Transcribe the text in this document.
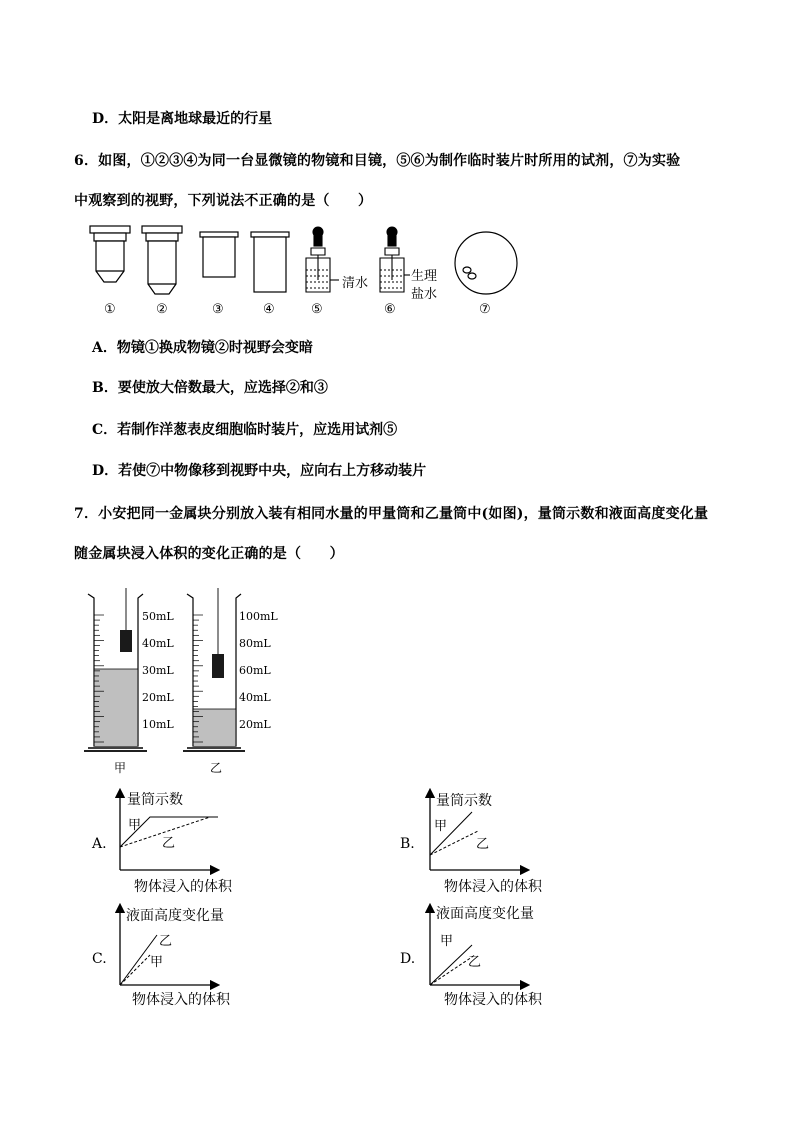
D．太阳是离地球最近的行星
6．如图，①②③④为同一台显微镜的物镜和目镜，⑤⑥为制作临时装片时所用的试剂，⑦为实验
中观察到的视野，下列说法不正确的是（　　）
清水	生理
盐水
①	②	③	④	⑤	⑥	⑦
A．物镜①换成物镜②时视野会变暗
B．要使放大倍数最大，应选择②和③
C．若制作洋葱表皮细胞临时装片，应选用试剂⑤
D．若使⑦中物像移到视野中央，应向右上方移动装片
7．小安把同一金属块分别放入装有相同水量的甲量筒和乙量筒中(如图)，量筒示数和液面高度变化量
随金属块浸入体积的变化正确的是（　　）
50mL
40mL
30mL
20mL
10mL
100mL
80mL
60mL
40mL
20mL
甲	乙
A.
量筒示数
甲
乙
物体浸入的体积
B.
量筒示数
甲
乙
物体浸入的体积
C.
液面高度变化量
乙
甲
物体浸入的体积
D.
液面高度变化量
甲
乙
物体浸入的体积
